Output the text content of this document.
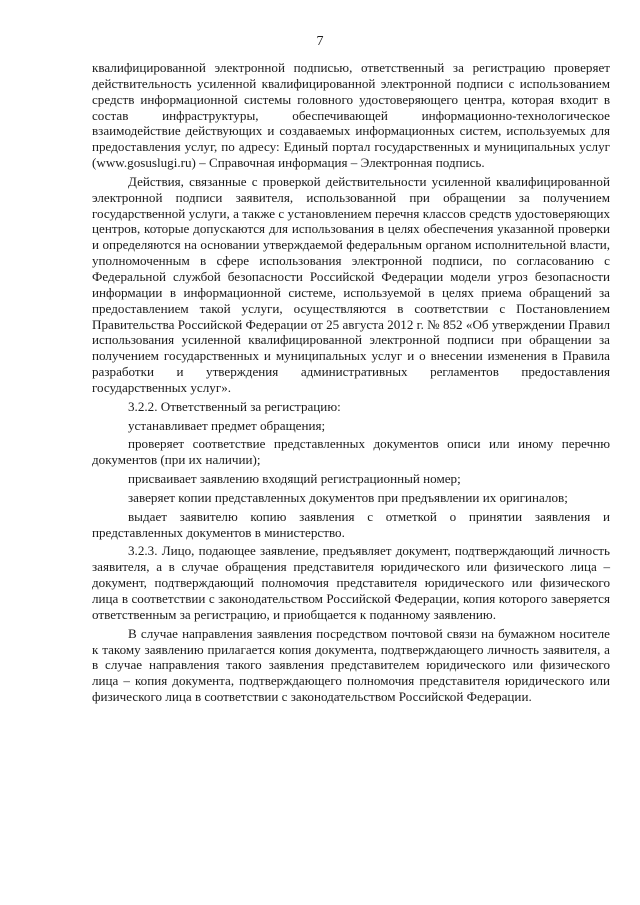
7

квалифицированной электронной подписью, ответственный за регистрацию проверяет действительность усиленной квалифицированной электронной подписи с использованием средств информационной системы головного удостоверяющего центра, которая входит в состав инфраструктуры, обеспечивающей информационно-технологическое взаимодействие действующих и создаваемых информационных систем, используемых для предоставления услуг, по адресу: Единый портал государственных и муниципальных услуг (www.gosuslugi.ru) – Справочная информация – Электронная подпись.

Действия, связанные с проверкой действительности усиленной квалифицированной электронной подписи заявителя, использованной при обращении за получением государственной услуги, а также с установлением перечня классов средств удостоверяющих центров, которые допускаются для использования в целях обеспечения указанной проверки и определяются на основании утверждаемой федеральным органом исполнительной власти, уполномоченным в сфере использования электронной подписи, по согласованию с Федеральной службой безопасности Российской Федерации модели угроз безопасности информации в информационной системе, используемой в целях приема обращений за предоставлением такой услуги, осуществляются в соответствии с Постановлением Правительства Российской Федерации от 25 августа 2012 г. № 852 «Об утверждении Правил использования усиленной квалифицированной электронной подписи при обращении за получением государственных и муниципальных услуг и о внесении изменения в Правила разработки и утверждения административных регламентов предоставления государственных услуг».

3.2.2. Ответственный за регистрацию:

устанавливает предмет обращения;

проверяет соответствие представленных документов описи или иному перечню документов (при их наличии);

присваивает заявлению входящий регистрационный номер;

заверяет копии представленных документов при предъявлении их оригиналов;

выдает заявителю копию заявления с отметкой о принятии заявления и представленных документов в министерство.

3.2.3. Лицо, подающее заявление, предъявляет документ, подтверждающий личность заявителя, а в случае обращения представителя юридического или физического лица – документ, подтверждающий полномочия представителя юридического или физического лица в соответствии с законодательством Российской Федерации, копия которого заверяется ответственным за регистрацию, и приобщается к поданному заявлению.

В случае направления заявления посредством почтовой связи на бумажном носителе к такому заявлению прилагается копия документа, подтверждающего личность заявителя, а в случае направления такого заявления представителем юридического или физического лица – копия документа, подтверждающего полномочия представителя юридического или физического лица в соответствии с законодательством Российской Федерации.
